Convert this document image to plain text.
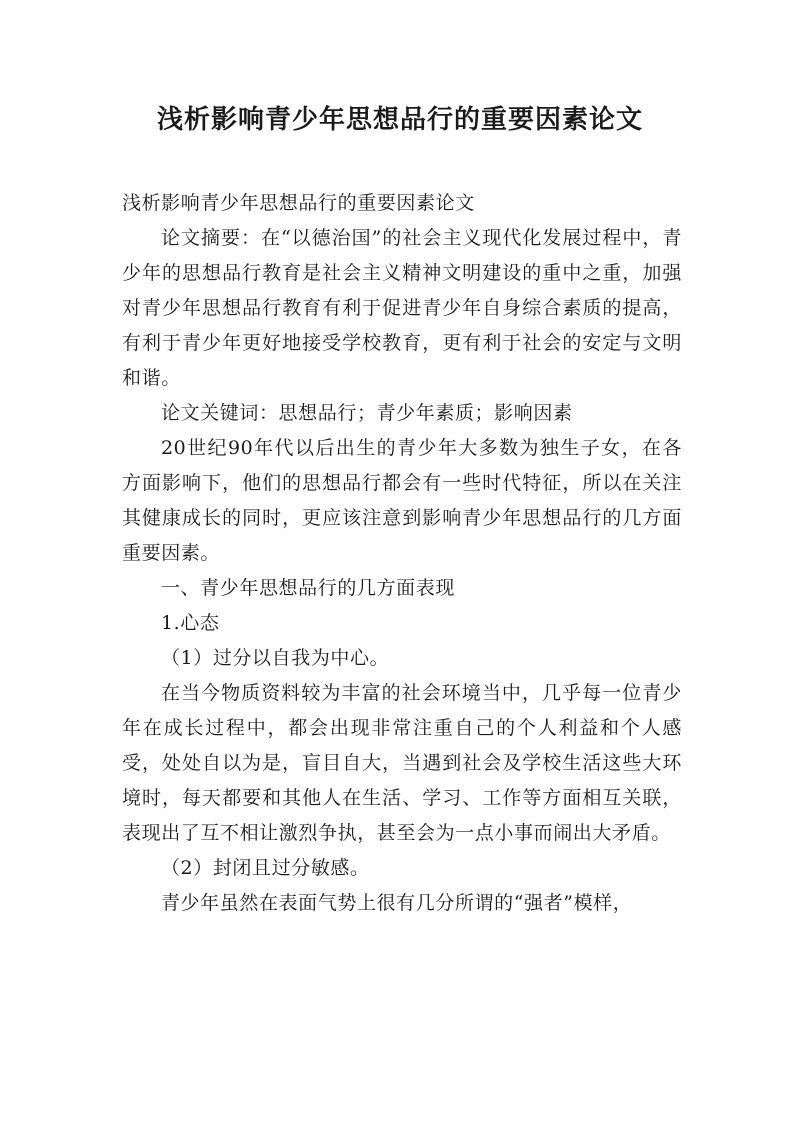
浅析影响青少年思想品行的重要因素论文

浅析影响青少年思想品行的重要因素论文

论文摘要：在“以德治国”的社会主义现代化发展过程中，青少年的思想品行教育是社会主义精神文明建设的重中之重，加强对青少年思想品行教育有利于促进青少年自身综合素质的提高，有利于青少年更好地接受学校教育，更有利于社会的安定与文明和谐。

论文关键词：思想品行；青少年素质；影响因素

20世纪90年代以后出生的青少年大多数为独生子女，在各方面影响下，他们的思想品行都会有一些时代特征，所以在关注其健康成长的同时，更应该注意到影响青少年思想品行的几方面重要因素。

一、青少年思想品行的几方面表现

1.心态

（1）过分以自我为中心。

在当今物质资料较为丰富的社会环境当中，几乎每一位青少年在成长过程中，都会出现非常注重自己的个人利益和个人感受，处处自以为是，盲目自大，当遇到社会及学校生活这些大环境时，每天都要和其他人在生活、学习、工作等方面相互关联，表现出了互不相让激烈争执，甚至会为一点小事而闹出大矛盾。

（2）封闭且过分敏感。

青少年虽然在表面气势上很有几分所谓的“强者”模样，
